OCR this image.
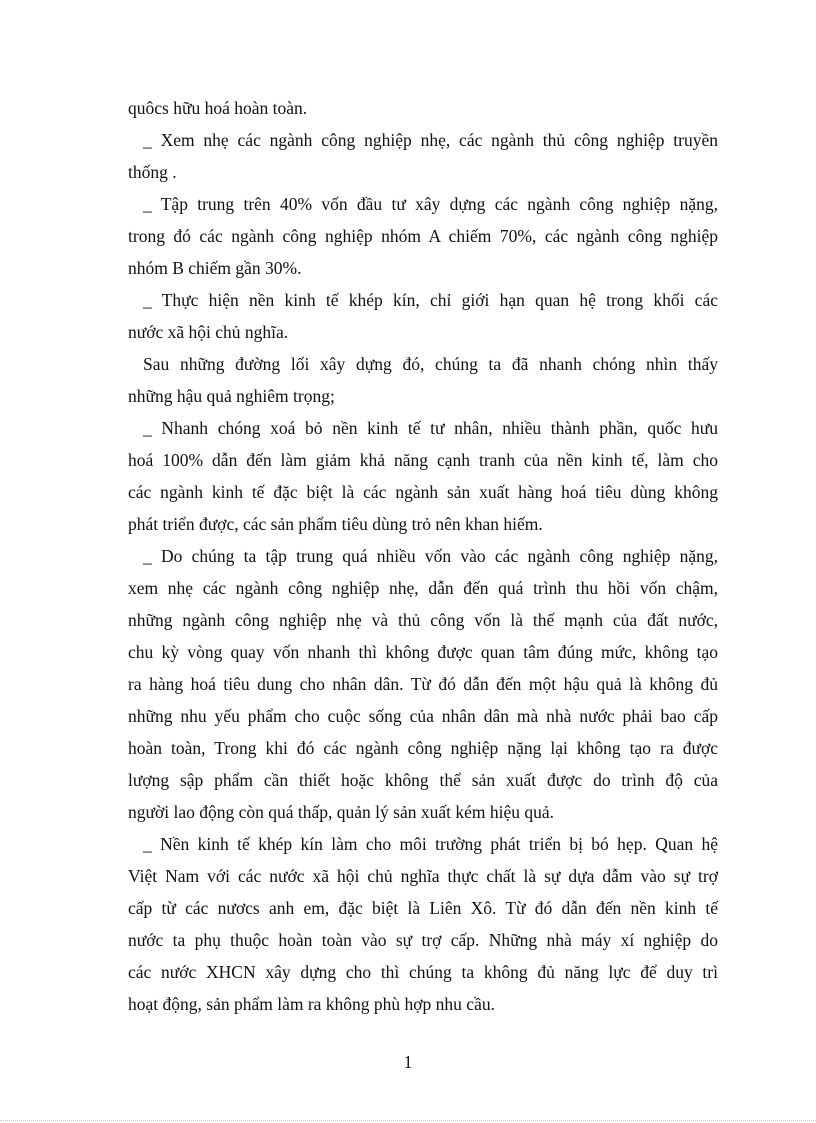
quôcs hữu hoá hoàn toàn.
_ Xem nhẹ các ngành công nghiệp nhẹ, các ngành thủ công nghiệp truyền
thống .
_ Tập trung trên 40% vốn đầu tư xây dựng các ngành công nghiệp nặng,
trong đó các ngành công nghiệp nhóm A chiếm 70%, các ngành công nghiệp
nhóm B chiếm gần 30%.
_ Thực hiện nền kinh tế khép kín, chỉ giới hạn quan hệ trong khối các
nước xã hội chủ nghĩa.
Sau những đường lối xây dựng đó, chúng ta đã nhanh chóng nhìn thấy
những hậu quả nghiêm trọng;
_ Nhanh chóng xoá bỏ nền kinh tế tư nhân, nhiều thành phần, quốc hưu
hoá 100% dẫn đến làm giảm khả năng cạnh tranh của nền kinh tế, làm cho
các ngành kinh tế đặc biệt là các ngành sản xuất hàng hoá tiêu dùng không
phát triển được, các sản phẩm tiêu dùng trỏ nên khan hiếm.
_ Do chúng ta tập trung quá nhiều vốn vào các ngành công nghiệp nặng,
xem nhẹ các ngành công nghiệp nhẹ, dẫn đến quá trình thu hồi vốn chậm,
những ngành công nghiệp nhẹ và thủ công vốn là thế mạnh của đất nước,
chu kỳ vòng quay vốn nhanh thì không được quan tâm đúng mức, không tạo
ra hàng hoá tiêu dung cho nhân dân. Từ đó dẫn đến một hậu quả là không đủ
những nhu yếu phẩm cho cuộc sống của nhân dân mà nhà nước phải bao cấp
hoàn toàn, Trong khi đó các ngành công nghiệp nặng lại không tạo ra được
lượng sập phẩm cần thiết hoặc không thể sản xuất được do trình độ của
người lao động còn quá thấp, quản lý sản xuất kém hiệu quả.
_ Nền kinh tế khép kín làm cho môi trường phát triển bị bó hẹp. Quan hệ
Việt Nam với các nước xã hội chủ nghĩa thực chất là sự dựa dẫm vào sự trợ
cấp từ các nươcs anh em, đặc biệt là Liên Xô. Từ đó dẫn đến nền kinh tế
nước ta phụ thuộc hoàn toàn vào sự trợ cấp. Những nhà máy xí nghiệp do
các nước XHCN xây dựng cho thì chúng ta không đủ năng lực để duy trì
hoạt động, sản phẩm làm ra không phù hợp nhu cầu.
1
